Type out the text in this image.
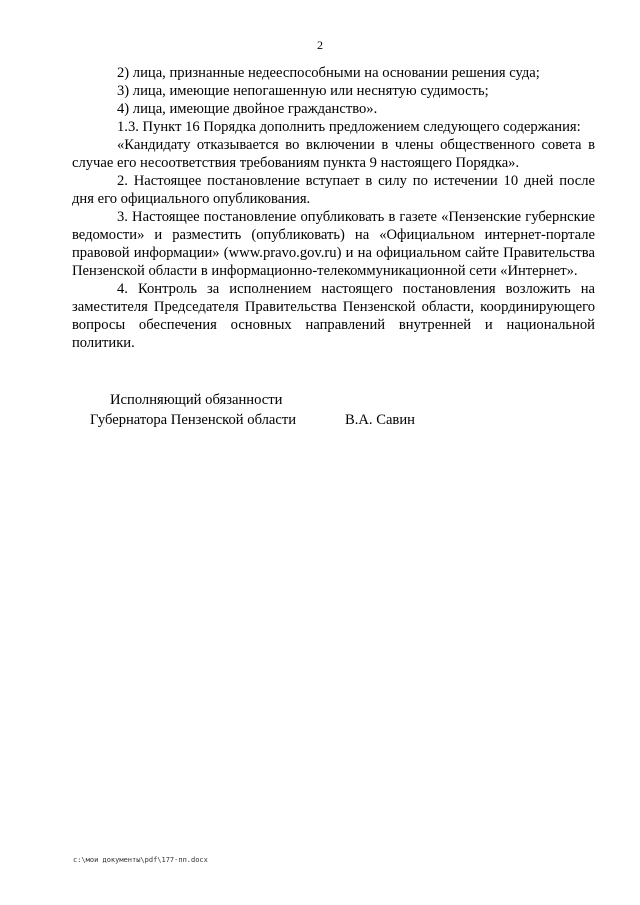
2

2) лица, признанные недееспособными на основании решения суда;

3) лица, имеющие непогашенную или неснятую судимость;

4) лица, имеющие двойное гражданство».

1.3. Пункт 16 Порядка дополнить предложением следующего содержания:

«Кандидату отказывается во включении в члены общественного совета в случае его несоответствия требованиям пункта 9 настоящего Порядка».

2. Настоящее постановление вступает в силу по истечении 10 дней после дня его официального опубликования.

3. Настоящее постановление опубликовать в газете «Пензенские губернские ведомости» и разместить (опубликовать) на «Официальном интернет-портале правовой информации» (www.pravo.gov.ru) и на официальном сайте Правительства Пензенской области в информационно-телекоммуникационной сети «Интернет».

4. Контроль за исполнением настоящего постановления возложить на заместителя Председателя Правительства Пензенской области, координирующего вопросы обеспечения основных направлений внутренней и национальной политики.

Исполняющий обязанности
Губернатора Пензенской области	В.А. Савин
c:\мои документы\pdf\177-пп.docx
